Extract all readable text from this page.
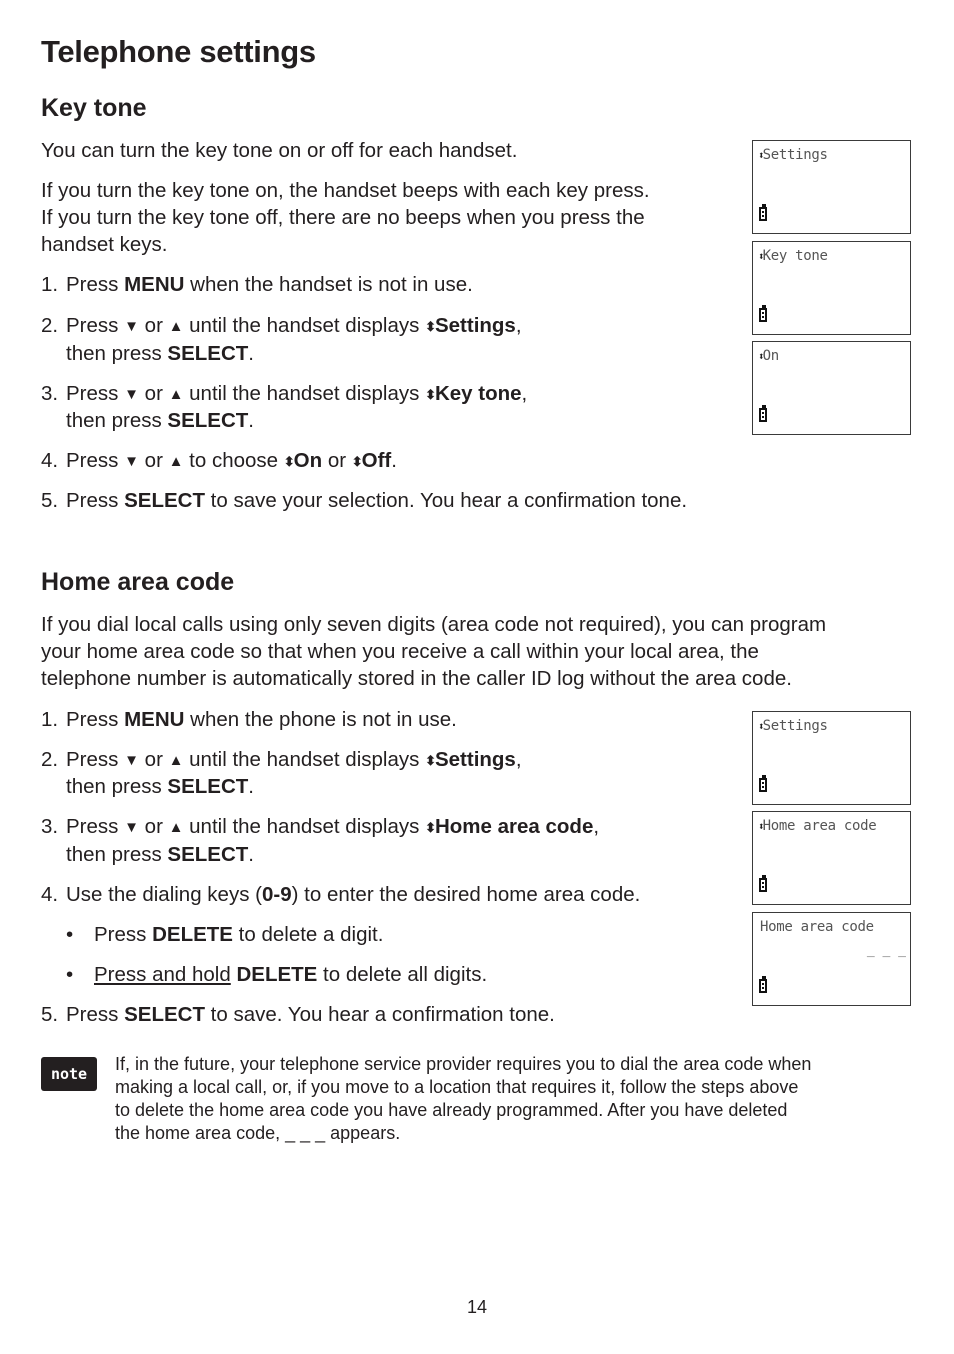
Telephone settings
Key tone
You can turn the key tone on or off for each handset.
If you turn the key tone on, the handset beeps with each key press.
If you turn the key tone off, there are no beeps when you press the
handset keys.
1. Press MENU when the handset is not in use.
2. Press ▼ or ▲ until the handset displays ⬍Settings,
then press SELECT.
3. Press ▼ or ▲ until the handset displays ⬍Key tone,
then press SELECT.
4. Press ▼ or ▲ to choose ⬍On or ⬍Off.
5. Press SELECT to save your selection. You hear a confirmation tone.
⬍Settings
⬍Key tone
⬍On
Home area code
If you dial local calls using only seven digits (area code not required), you can program
your home area code so that when you receive a call within your local area, the
telephone number is automatically stored in the caller ID log without the area code.
1. Press MENU when the phone is not in use.
2. Press ▼ or ▲ until the handset displays ⬍Settings,
then press SELECT.
3. Press ▼ or ▲ until the handset displays ⬍Home area code,
then press SELECT.
4. Use the dialing keys (0-9) to enter the desired home area code.
• Press DELETE to delete a digit.
• Press and hold DELETE to delete all digits.
5. Press SELECT to save. You hear a confirmation tone.
⬍Settings
⬍Home area code
Home area code
_ _ _
note	If, in the future, your telephone service provider requires you to dial the area code when
making a local call, or, if you move to a location that requires it, follow the steps above
to delete the home area code you have already programmed. After you have deleted
the home area code, _ _ _ appears.
14
